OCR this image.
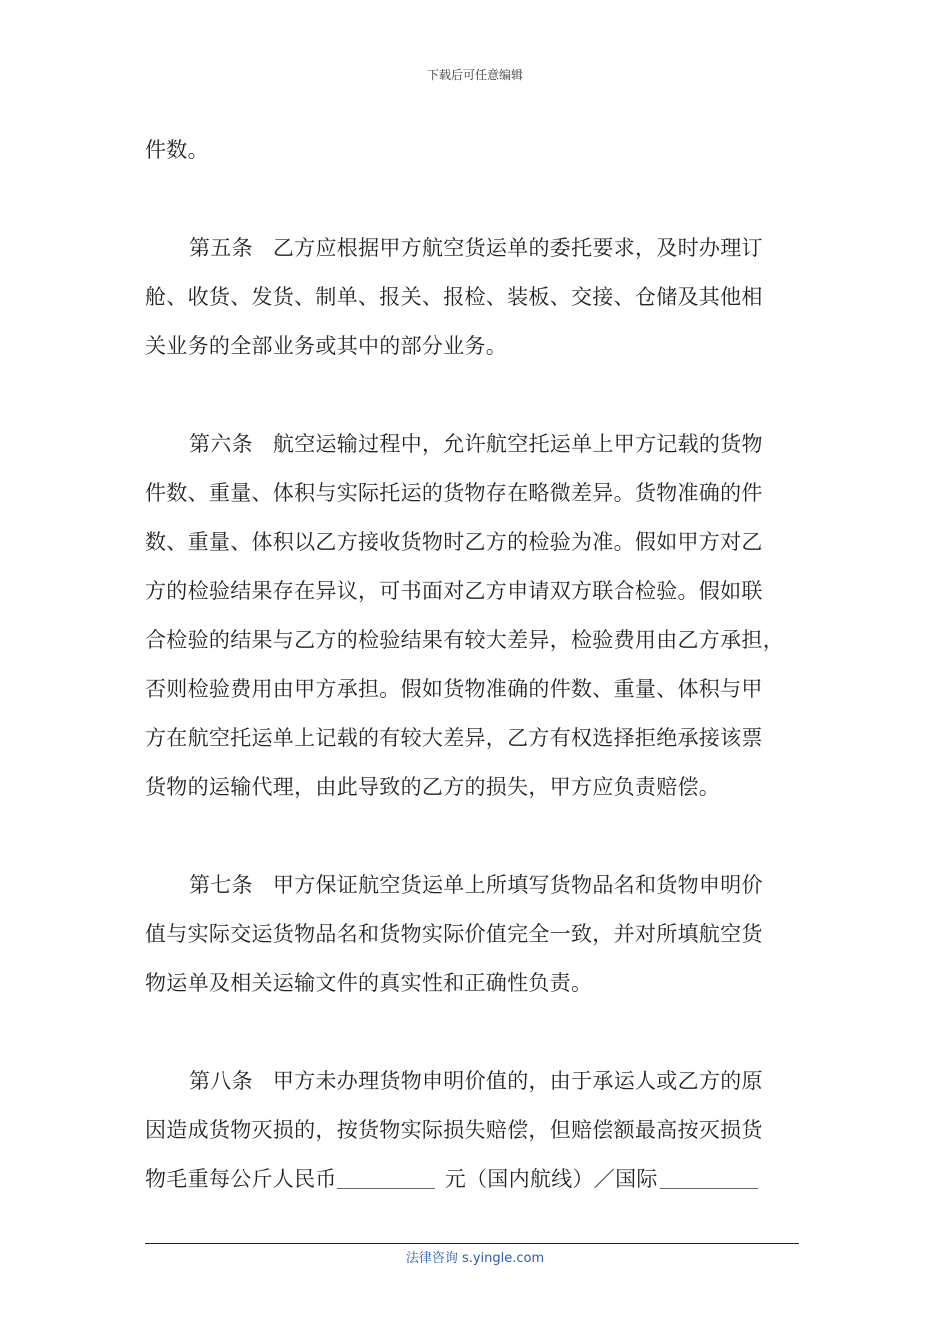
下载后可任意编辑
件数。
第五条 乙方应根据甲方航空货运单的委托要求，及时办理订
舱、收货、发货、制单、报关、报检、装板、交接、仓储及其他相
关业务的全部业务或其中的部分业务。
第六条 航空运输过程中，允许航空托运单上甲方记载的货物
件数、重量、体积与实际托运的货物存在略微差异。货物准确的件
数、重量、体积以乙方接收货物时乙方的检验为准。假如甲方对乙
方的检验结果存在异议，可书面对乙方申请双方联合检验。假如联
合检验的结果与乙方的检验结果有较大差异，检验费用由乙方承担，
否则检验费用由甲方承担。假如货物准确的件数、重量、体积与甲
方在航空托运单上记载的有较大差异，乙方有权选择拒绝承接该票
货物的运输代理，由此导致的乙方的损失，甲方应负责赔偿。
第七条 甲方保证航空货运单上所填写货物品名和货物申明价
值与实际交运货物品名和货物实际价值完全一致，并对所填航空货
物运单及相关运输文件的真实性和正确性负责。
第八条 甲方未办理货物申明价值的，由于承运人或乙方的原
因造成货物灭损的，按货物实际损失赔偿，但赔偿额最高按灭损货
物毛重每公斤人民币	元（国内航线）／国际
法律咨询 s.yingle.com
